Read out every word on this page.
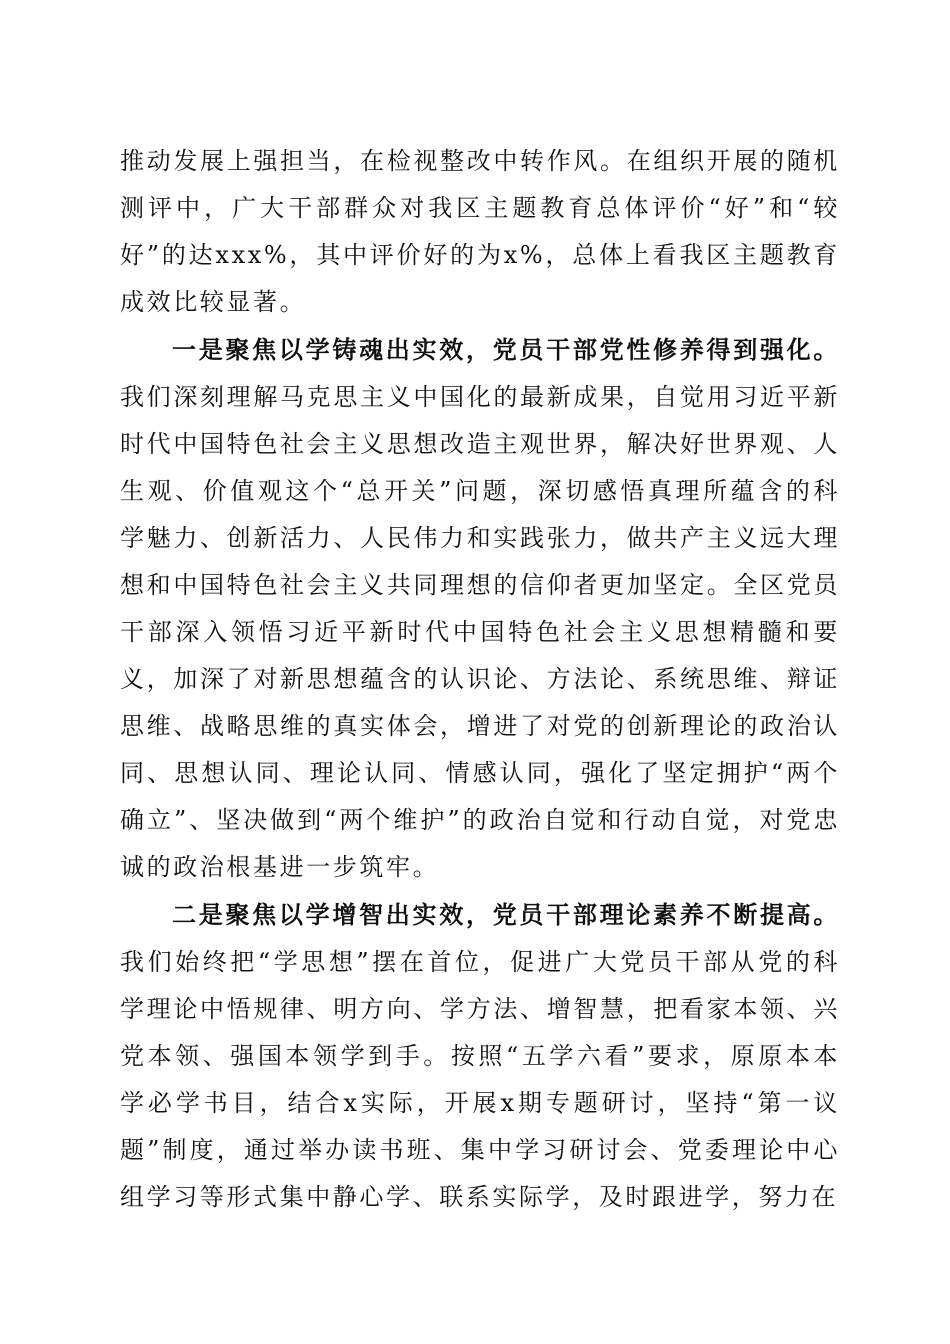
推动发展上强担当，在检视整改中转作风。在组织开展的随机测评中，广大干部群众对我区主题教育总体评价“好”和“较好”的达xxx%，其中评价好的为x%，总体上看我区主题教育成效比较显著。

一是聚焦以学铸魂出实效，党员干部党性修养得到强化。我们深刻理解马克思主义中国化的最新成果，自觉用习近平新时代中国特色社会主义思想改造主观世界，解决好世界观、人生观、价值观这个“总开关”问题，深切感悟真理所蕴含的科学魅力、创新活力、人民伟力和实践张力，做共产主义远大理想和中国特色社会主义共同理想的信仰者更加坚定。全区党员干部深入领悟习近平新时代中国特色社会主义思想精髓和要义，加深了对新思想蕴含的认识论、方法论、系统思维、辩证思维、战略思维的真实体会，增进了对党的创新理论的政治认同、思想认同、理论认同、情感认同，强化了坚定拥护“两个确立”、坚决做到“两个维护”的政治自觉和行动自觉，对党忠诚的政治根基进一步筑牢。

二是聚焦以学增智出实效，党员干部理论素养不断提高。我们始终把“学思想”摆在首位，促进广大党员干部从党的科学理论中悟规律、明方向、学方法、增智慧，把看家本领、兴党本领、强国本领学到手。按照“五学六看”要求，原原本本学必学书目，结合x实际，开展x期专题研讨，坚持“第一议题”制度，通过举办读书班、集中学习研讨会、党委理论中心组学习等形式集中静心学、联系实际学，及时跟进学，努力在
